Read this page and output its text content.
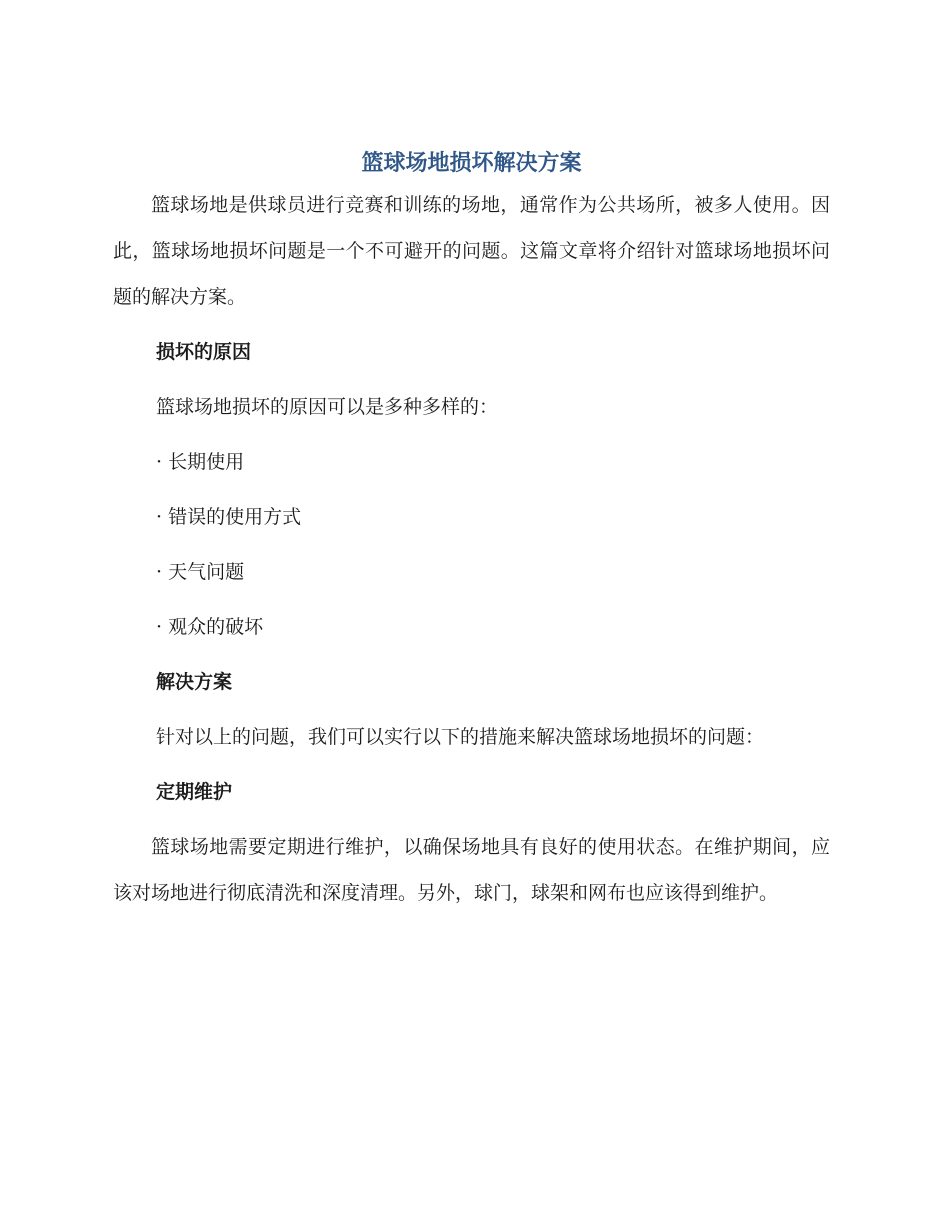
篮球场地损坏解决方案

篮球场地是供球员进行竞赛和训练的场地，通常作为公共场所，被多人使用。因此，篮球场地损坏问题是一个不可避开的问题。这篇文章将介绍针对篮球场地损坏问题的解决方案。

损坏的原因
篮球场地损坏的原因可以是多种多样的：
· 长期使用
· 错误的使用方式
· 天气问题
· 观众的破坏
解决方案
针对以上的问题，我们可以实行以下的措施来解决篮球场地损坏的问题：
定期维护

篮球场地需要定期进行维护，以确保场地具有良好的使用状态。在维护期间，应该对场地进行彻底清洗和深度清理。另外，球门，球架和网布也应该得到维护。
